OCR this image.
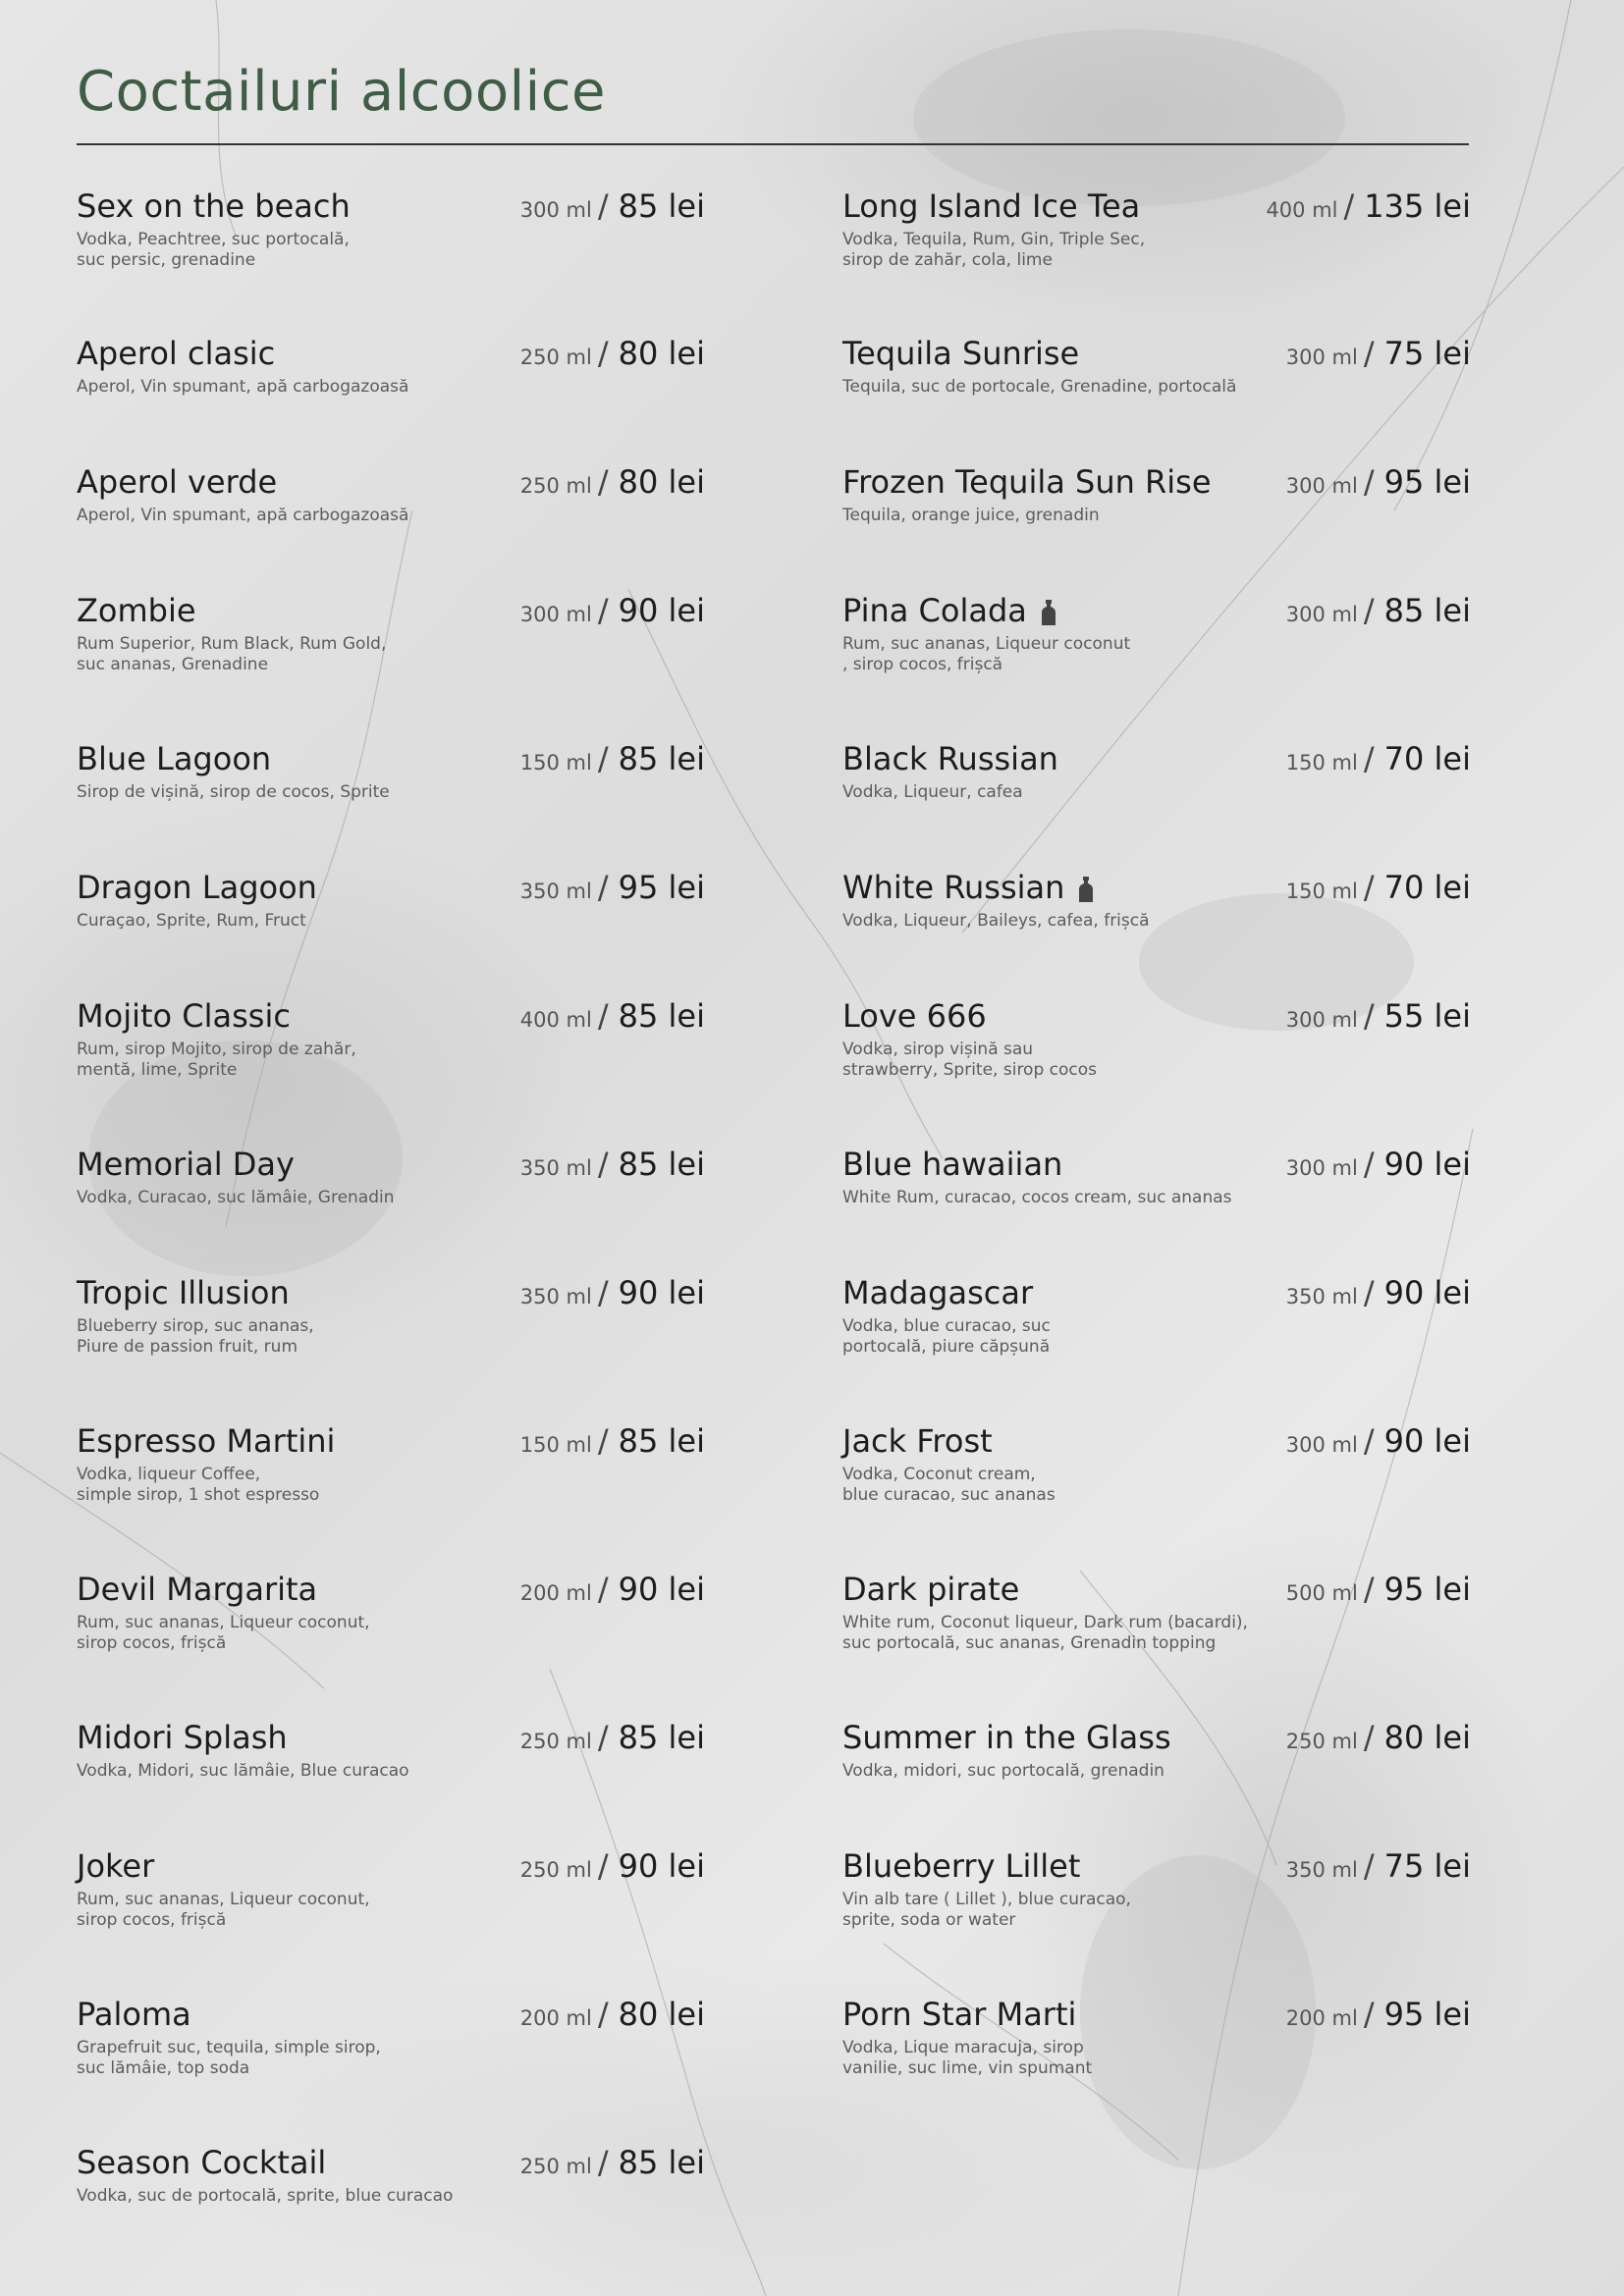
Coctailuri alcoolice
Sex on the beach	300 ml / 85 lei
Vodka, Peachtree, suc portocală,
suc persic, grenadine
Aperol clasic	250 ml / 80 lei
Aperol, Vin spumant, apă carbogazoasă
Aperol verde	250 ml / 80 lei
Aperol, Vin spumant, apă carbogazoasă
Zombie	300 ml / 90 lei
Rum Superior, Rum Black, Rum Gold,
suc ananas, Grenadine
Blue Lagoon	150 ml / 85 lei
Sirop de vișină, sirop de cocos, Sprite
Dragon Lagoon	350 ml / 95 lei
Curaçao, Sprite, Rum, Fruct
Mojito Classic	400 ml / 85 lei
Rum, sirop Mojito, sirop de zahăr,
mentă, lime, Sprite
Memorial Day	350 ml / 85 lei
Vodka, Curacao, suc lămâie, Grenadin
Tropic Illusion	350 ml / 90 lei
Blueberry sirop, suc ananas,
Piure de passion fruit, rum
Espresso Martini	150 ml / 85 lei
Vodka, liqueur Coffee,
simple sirop, 1 shot espresso
Devil Margarita	200 ml / 90 lei
Rum, suc ananas, Liqueur coconut,
sirop cocos, frișcă
Midori Splash	250 ml / 85 lei
Vodka, Midori, suc lămâie, Blue curacao
Joker	250 ml / 90 lei
Rum, suc ananas, Liqueur coconut,
sirop cocos, frișcă
Paloma	200 ml / 80 lei
Grapefruit suc, tequila, simple sirop,
suc lămâie, top soda
Season Cocktail	250 ml / 85 lei
Vodka, suc de portocală, sprite, blue curacao
Long Island Ice Tea	400 ml / 135 lei
Vodka, Tequila, Rum, Gin, Triple Sec,
sirop de zahăr, cola, lime
Tequila Sunrise	300 ml / 75 lei
Tequila, suc de portocale, Grenadine, portocală
Frozen Tequila Sun Rise	300 ml / 95 lei
Tequila, orange juice, grenadin
Pina Colada	300 ml / 85 lei
Rum, suc ananas, Liqueur coconut
, sirop cocos, frișcă
Black Russian	150 ml / 70 lei
Vodka, Liqueur, cafea
White Russian	150 ml / 70 lei
Vodka, Liqueur, Baileys, cafea, frișcă
Love 666	300 ml / 55 lei
Vodka, sirop vișină sau
strawberry, Sprite, sirop cocos
Blue hawaiian	300 ml / 90 lei
White Rum, curacao, cocos cream, suc ananas
Madagascar	350 ml / 90 lei
Vodka, blue curacao, suc
portocală, piure căpșună
Jack Frost	300 ml / 90 lei
Vodka, Coconut cream,
blue curacao, suc ananas
Dark pirate	500 ml / 95 lei
White rum, Coconut liqueur, Dark rum (bacardi),
suc portocală, suc ananas, Grenadin topping
Summer in the Glass	250 ml / 80 lei
Vodka, midori, suc portocală, grenadin
Blueberry Lillet	350 ml / 75 lei
Vin alb tare ( Lillet ), blue curacao,
sprite, soda or water
Porn Star Marti	200 ml / 95 lei
Vodka, Lique maracuja, sirop
vanilie, suc lime, vin spumant
